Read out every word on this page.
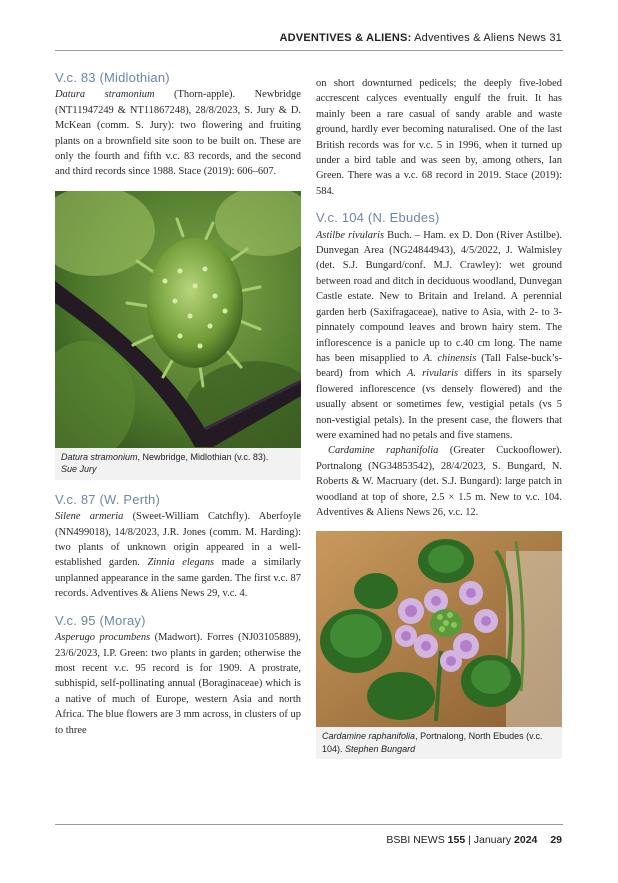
ADVENTIVES & ALIENS: Adventives & Aliens News 31
V.c. 83 (Midlothian)

Datura stramonium (Thorn-apple). Newbridge (NT11947249 & NT11867248), 28/8/2023, S. Jury & D. McKean (comm. S. Jury): two flowering and fruiting plants on a brownfield site soon to be built on. These are only the fourth and fifth v.c. 83 records, and the second and third records since 1988. Stace (2019): 606–607.

Datura stramonium, Newbridge, Midlothian (v.c. 83).
Sue Jury
V.c. 87 (W. Perth)

Silene armeria (Sweet-William Catchfly). Aberfoyle (NN499018), 14/8/2023, J.R. Jones (comm. M. Harding): two plants of unknown origin appeared in a well-established garden. Zinnia elegans made a similarly unplanned appearance in the same garden. The first v.c. 87 records. Adventives & Aliens News 29, v.c. 4.

V.c. 95 (Moray)

Asperugo procumbens (Madwort). Forres (NJ03105889), 23/6/2023, I.P. Green: two plants in garden; otherwise the most recent v.c. 95 record is for 1909. A prostrate, subhispid, self-pollinating annual (Boraginaceae) which is a native of much of Europe, western Asia and north Africa. The blue flowers are 3 mm across, in clusters of up to three

on short downturned pedicels; the deeply five-lobed accrescent calyces eventually engulf the fruit. It has mainly been a rare casual of sandy arable and waste ground, hardly ever becoming naturalised. One of the last British records was for v.c. 5 in 1996, when it turned up under a bird table and was seen by, among others, Ian Green. There was a v.c. 68 record in 2019. Stace (2019): 584.

V.c. 104 (N. Ebudes)

Astilbe rivularis Buch. – Ham. ex D. Don (River Astilbe). Dunvegan Area (NG24844943), 4/5/2022, J. Walmisley (det. S.J. Bungard/conf. M.J. Crawley): wet ground between road and ditch in deciduous woodland, Dunvegan Castle estate. New to Britain and Ireland. A perennial garden herb (Saxifragaceae), native to Asia, with 2- to 3-pinnately compound leaves and brown hairy stem. The inflorescence is a panicle up to c.40 cm long. The name has been misapplied to A. chinensis (Tall False-buck’s-beard) from which A. rivularis differs in its sparsely flowered inflorescence (vs densely flowered) and the usually absent or sometimes few, vestigial petals (vs 5 non-vestigial petals). In the present case, the flowers that were examined had no petals and five stamens.

Cardamine raphanifolia (Greater Cuckooflower). Portnalong (NG34853542), 28/4/2023, S. Bungard, N. Roberts & W. Macruary (det. S.J. Bungard): large patch in woodland at top of shore, 2.5 × 1.5 m. New to v.c. 104. Adventives & Aliens News 26, v.c. 12.

Cardamine raphanifolia, Portnalong, North Ebudes (v.c. 104). Stephen Bungard
BSBI NEWS 155 | January 2024 29
